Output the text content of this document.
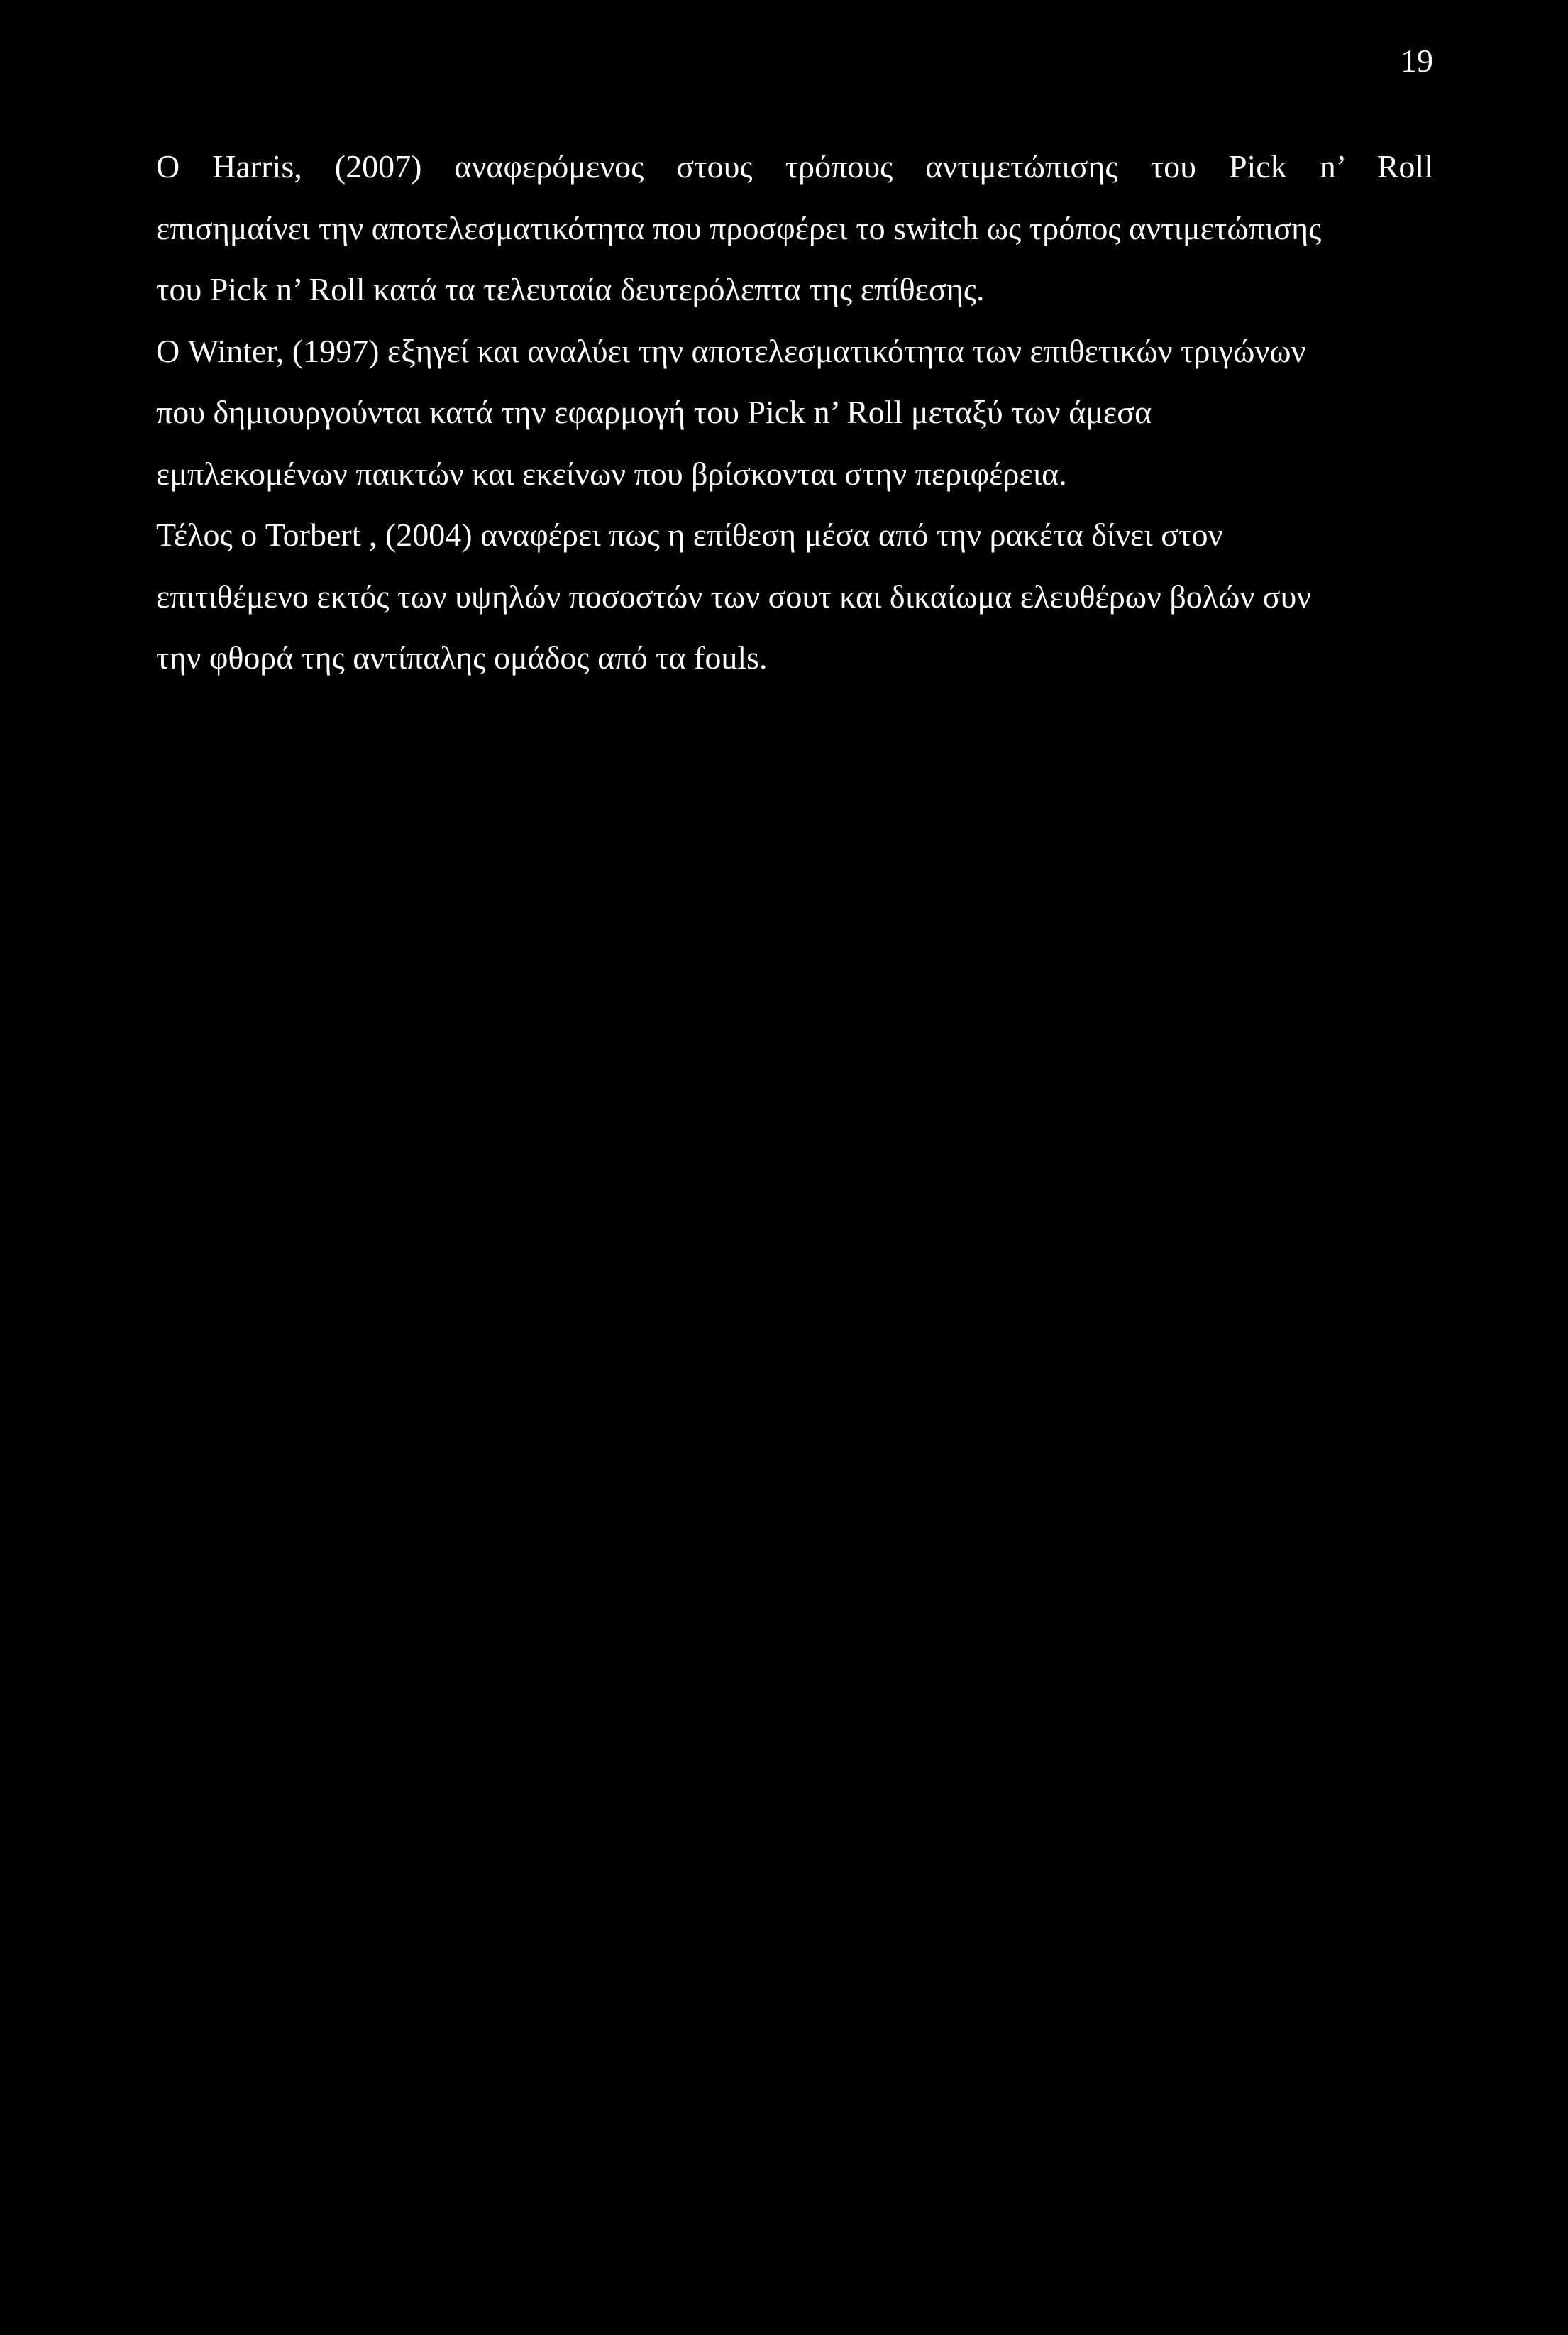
19
Ο Harris, (2007) αναφερόμενος στους τρόπους αντιμετώπισης του Pick n’ Roll
επισημαίνει την αποτελεσματικότητα που προσφέρει το switch ως τρόπος αντιμετώπισης
του Pick n’ Roll κατά τα τελευταία δευτερόλεπτα της επίθεσης.
Ο Winter, (1997) εξηγεί και αναλύει την αποτελεσματικότητα των επιθετικών τριγώνων
που δημιουργούνται κατά την εφαρμογή του Pick n’ Roll μεταξύ των άμεσα
εμπλεκομένων παικτών και εκείνων που βρίσκονται στην περιφέρεια.
Τέλος ο Torbert , (2004) αναφέρει πως η επίθεση μέσα από την ρακέτα δίνει στον
επιτιθέμενο εκτός των υψηλών ποσοστών των σουτ και δικαίωμα ελευθέρων βολών συν
την φθορά της αντίπαλης ομάδος από τα fouls.
